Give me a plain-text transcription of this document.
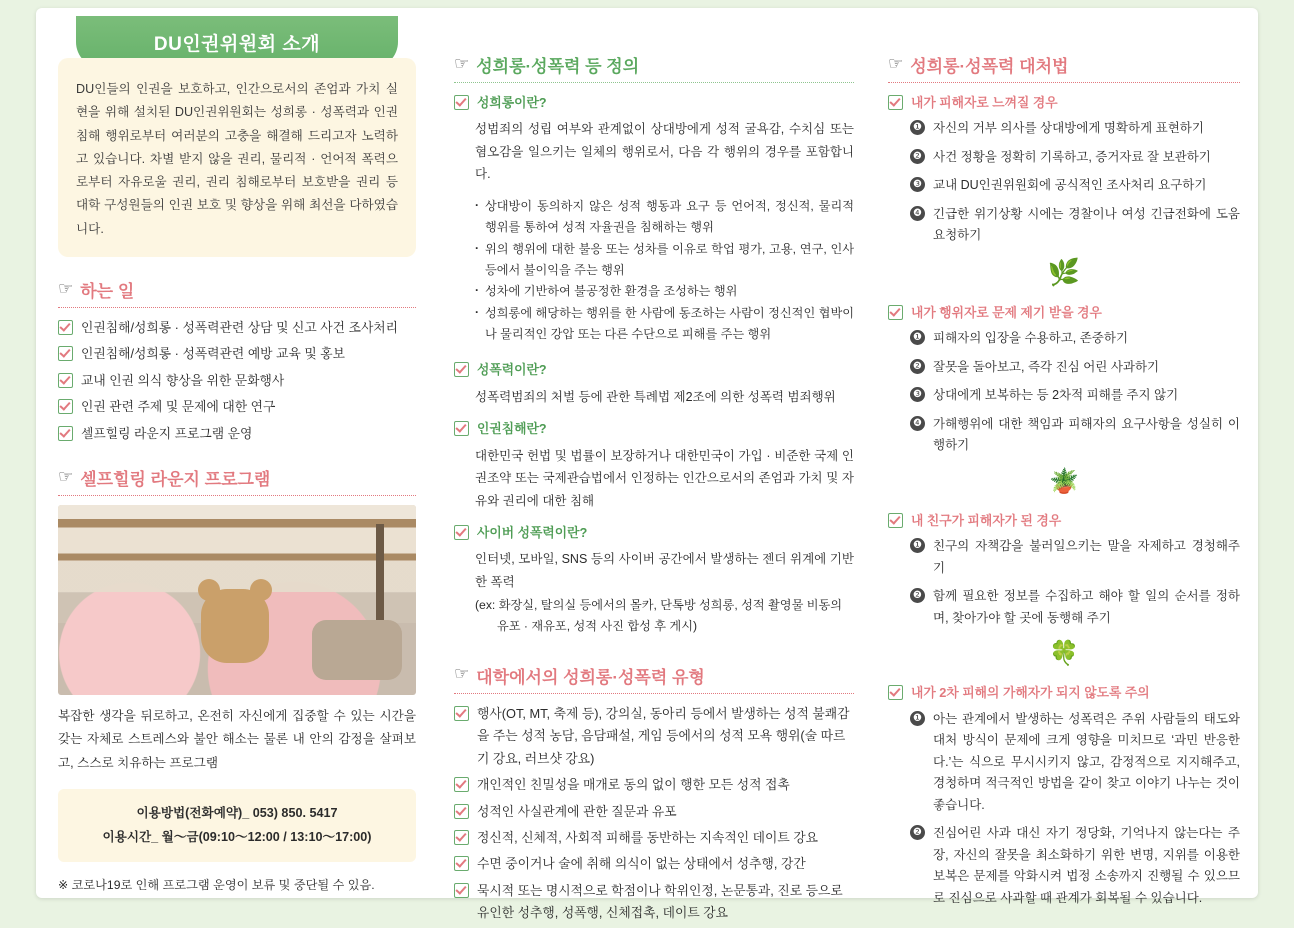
DU인권위원회 소개
DU인들의 인권을 보호하고, 인간으로서의 존엄과 가치 실현을 위해 설치된 DU인권위원회는 성희롱 · 성폭력과 인권침해 행위로부터 여러분의 고충을 해결해 드리고자 노력하고 있습니다. 차별 받지 않을 권리, 물리적 · 언어적 폭력으로부터 자유로울 권리, 권리 침해로부터 보호받을 권리 등 대학 구성원들의 인권 보호 및 향상을 위해 최선을 다하였습니다.
☞ 하는 일
인권침해/성희롱 · 성폭력관련 상담 및 신고 사건 조사처리
인권침해/성희롱 · 성폭력관련 예방 교육 및 홍보
교내 인권 의식 향상을 위한 문화행사
인권 관련 주제 및 문제에 대한 연구
셀프힐링 라운지 프로그램 운영
☞ 셀프힐링 라운지 프로그램
복잡한 생각을 뒤로하고, 온전히 자신에게 집중할 수 있는 시간을 갖는 자체로 스트레스와 불안 해소는 물론 내 안의 감정을 살펴보고, 스스로 치유하는 프로그램
이용방법(전화예약)_ 053) 850. 5417
이용시간_ 월〜금(09:10〜12:00 / 13:10〜17:00)
※ 코로나19로 인해 프로그램 운영이 보류 및 중단될 수 있음.
☞ 성희롱·성폭력 등 정의
성희롱이란?
성범죄의 성립 여부와 관계없이 상대방에게 성적 굴욕감, 수치심 또는 혐오감을 일으키는 일체의 행위로서, 다음 각 행위의 경우를 포함합니다.
· 상대방이 동의하지 않은 성적 행동과 요구 등 언어적, 정신적, 물리적 행위를 통하여 성적 자율권을 침해하는 행위
· 위의 행위에 대한 불응 또는 성차를 이유로 학업 평가, 고용, 연구, 인사 등에서 불이익을 주는 행위
· 성차에 기반하여 불공정한 환경을 조성하는 행위
· 성희롱에 해당하는 행위를 한 사람에 동조하는 사람이 정신적인 협박이나 물리적인 강압 또는 다른 수단으로 피해를 주는 행위
성폭력이란?
성폭력범죄의 처벌 등에 관한 특례법 제2조에 의한 성폭력 범죄행위
인권침해란?
대한민국 헌법 및 법률이 보장하거나 대한민국이 가입 · 비준한 국제 인권조약 또는 국제관습법에서 인정하는 인간으로서의 존엄과 가치 및 자유와 권리에 대한 침해
사이버 성폭력이란?
인터넷, 모바일, SNS 등의 사이버 공간에서 발생하는 젠더 위계에 기반한 폭력
(ex: 화장실, 탈의실 등에서의 몰카, 단톡방 성희롱, 성적 촬영물 비동의
유포 · 재유포, 성적 사진 합성 후 게시)
☞ 대학에서의 성희롱·성폭력 유형
행사(OT, MT, 축제 등), 강의실, 동아리 등에서 발생하는 성적 불쾌감을 주는 성적 농담, 음담패설, 게임 등에서의 성적 모욕 행위(술 따르기 강요, 러브샷 강요)
개인적인 친밀성을 매개로 동의 없이 행한 모든 성적 접촉
성적인 사실관계에 관한 질문과 유포
정신적, 신체적, 사회적 피해를 동반하는 지속적인 데이트 강요
수면 중이거나 술에 취해 의식이 없는 상태에서 성추행, 강간
묵시적 또는 명시적으로 학점이나 학위인정, 논문통과, 진로 등으로 유인한 성추행, 성폭행, 신체접촉, 데이트 강요
☞ 성희롱·성폭력 대처법
내가 피해자로 느껴질 경우
❶ 자신의 거부 의사를 상대방에게 명확하게 표현하기
❷ 사건 정황을 정확히 기록하고, 증거자료 잘 보관하기
❸ 교내 DU인권위원회에 공식적인 조사처리 요구하기
❹ 긴급한 위기상황 시에는 경찰이나 여성 긴급전화에 도움 요청하기
🌿
내가 행위자로 문제 제기 받을 경우
❶ 피해자의 입장을 수용하고, 존중하기
❷ 잘못을 돌아보고, 즉각 진심 어린 사과하기
❸ 상대에게 보복하는 등 2차적 피해를 주지 않기
❹ 가해행위에 대한 책임과 피해자의 요구사항을 성실히 이행하기
🪴
내 친구가 피해자가 된 경우
❶ 친구의 자책감을 불러일으키는 말을 자제하고 경청해주기
❷ 함께 필요한 정보를 수집하고 해야 할 일의 순서를 정하며, 찾아가야 할 곳에 동행해 주기
🍀
내가 2차 피해의 가해자가 되지 않도록 주의
❶ 아는 관계에서 발생하는 성폭력은 주위 사람들의 태도와 대처 방식이 문제에 크게 영향을 미치므로 ‘과민 반응한다.’는 식으로 무시시키지 않고, 감정적으로 지지해주고, 경청하며 적극적인 방법을 같이 찾고 이야기 나누는 것이 좋습니다.
❷ 진심어린 사과 대신 자기 정당화, 기억나지 않는다는 주장, 자신의 잘못을 최소화하기 위한 변명, 지위를 이용한 보복은 문제를 악화시켜 법정 소송까지 진행될 수 있으므로 진심으로 사과할 때 관계가 회복될 수 있습니다.
